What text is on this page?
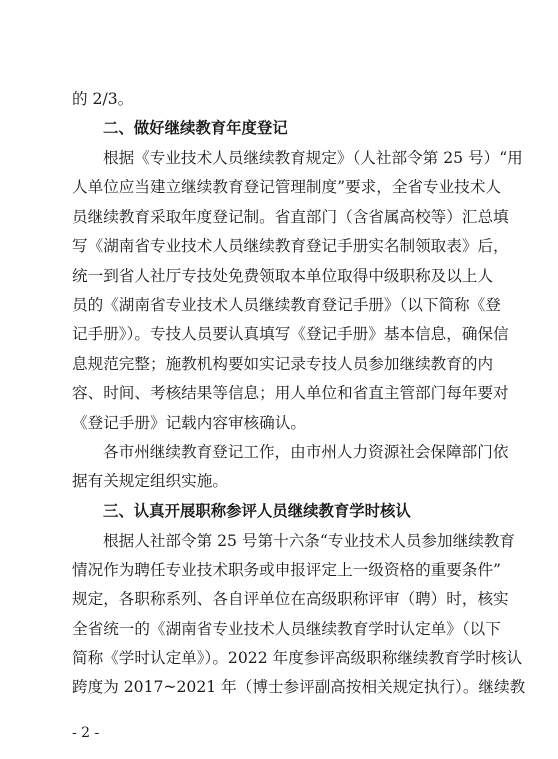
的 2/3。
二、做好继续教育年度登记
根据《专业技术人员继续教育规定》（人社部令第 25 号）“用
人单位应当建立继续教育登记管理制度”要求，全省专业技术人
员继续教育采取年度登记制。省直部门（含省属高校等）汇总填
写《湖南省专业技术人员继续教育登记手册实名制领取表》后，
统一到省人社厅专技处免费领取本单位取得中级职称及以上人
员的《湖南省专业技术人员继续教育登记手册》（以下简称《登
记手册》）。专技人员要认真填写《登记手册》基本信息，确保信
息规范完整；施教机构要如实记录专技人员参加继续教育的内
容、时间、考核结果等信息；用人单位和省直主管部门每年要对
《登记手册》记载内容审核确认。
各市州继续教育登记工作，由市州人力资源社会保障部门依
据有关规定组织实施。
三、认真开展职称参评人员继续教育学时核认
根据人社部令第 25 号第十六条“专业技术人员参加继续教育
情况作为聘任专业技术职务或申报评定上一级资格的重要条件”
规定，各职称系列、各自评单位在高级职称评审（聘）时，核实
全省统一的《湖南省专业技术人员继续教育学时认定单》（以下
简称《学时认定单》）。2022 年度参评高级职称继续教育学时核认
跨度为 2017~2021 年（博士参评副高按相关规定执行）。继续教
- 2 -
